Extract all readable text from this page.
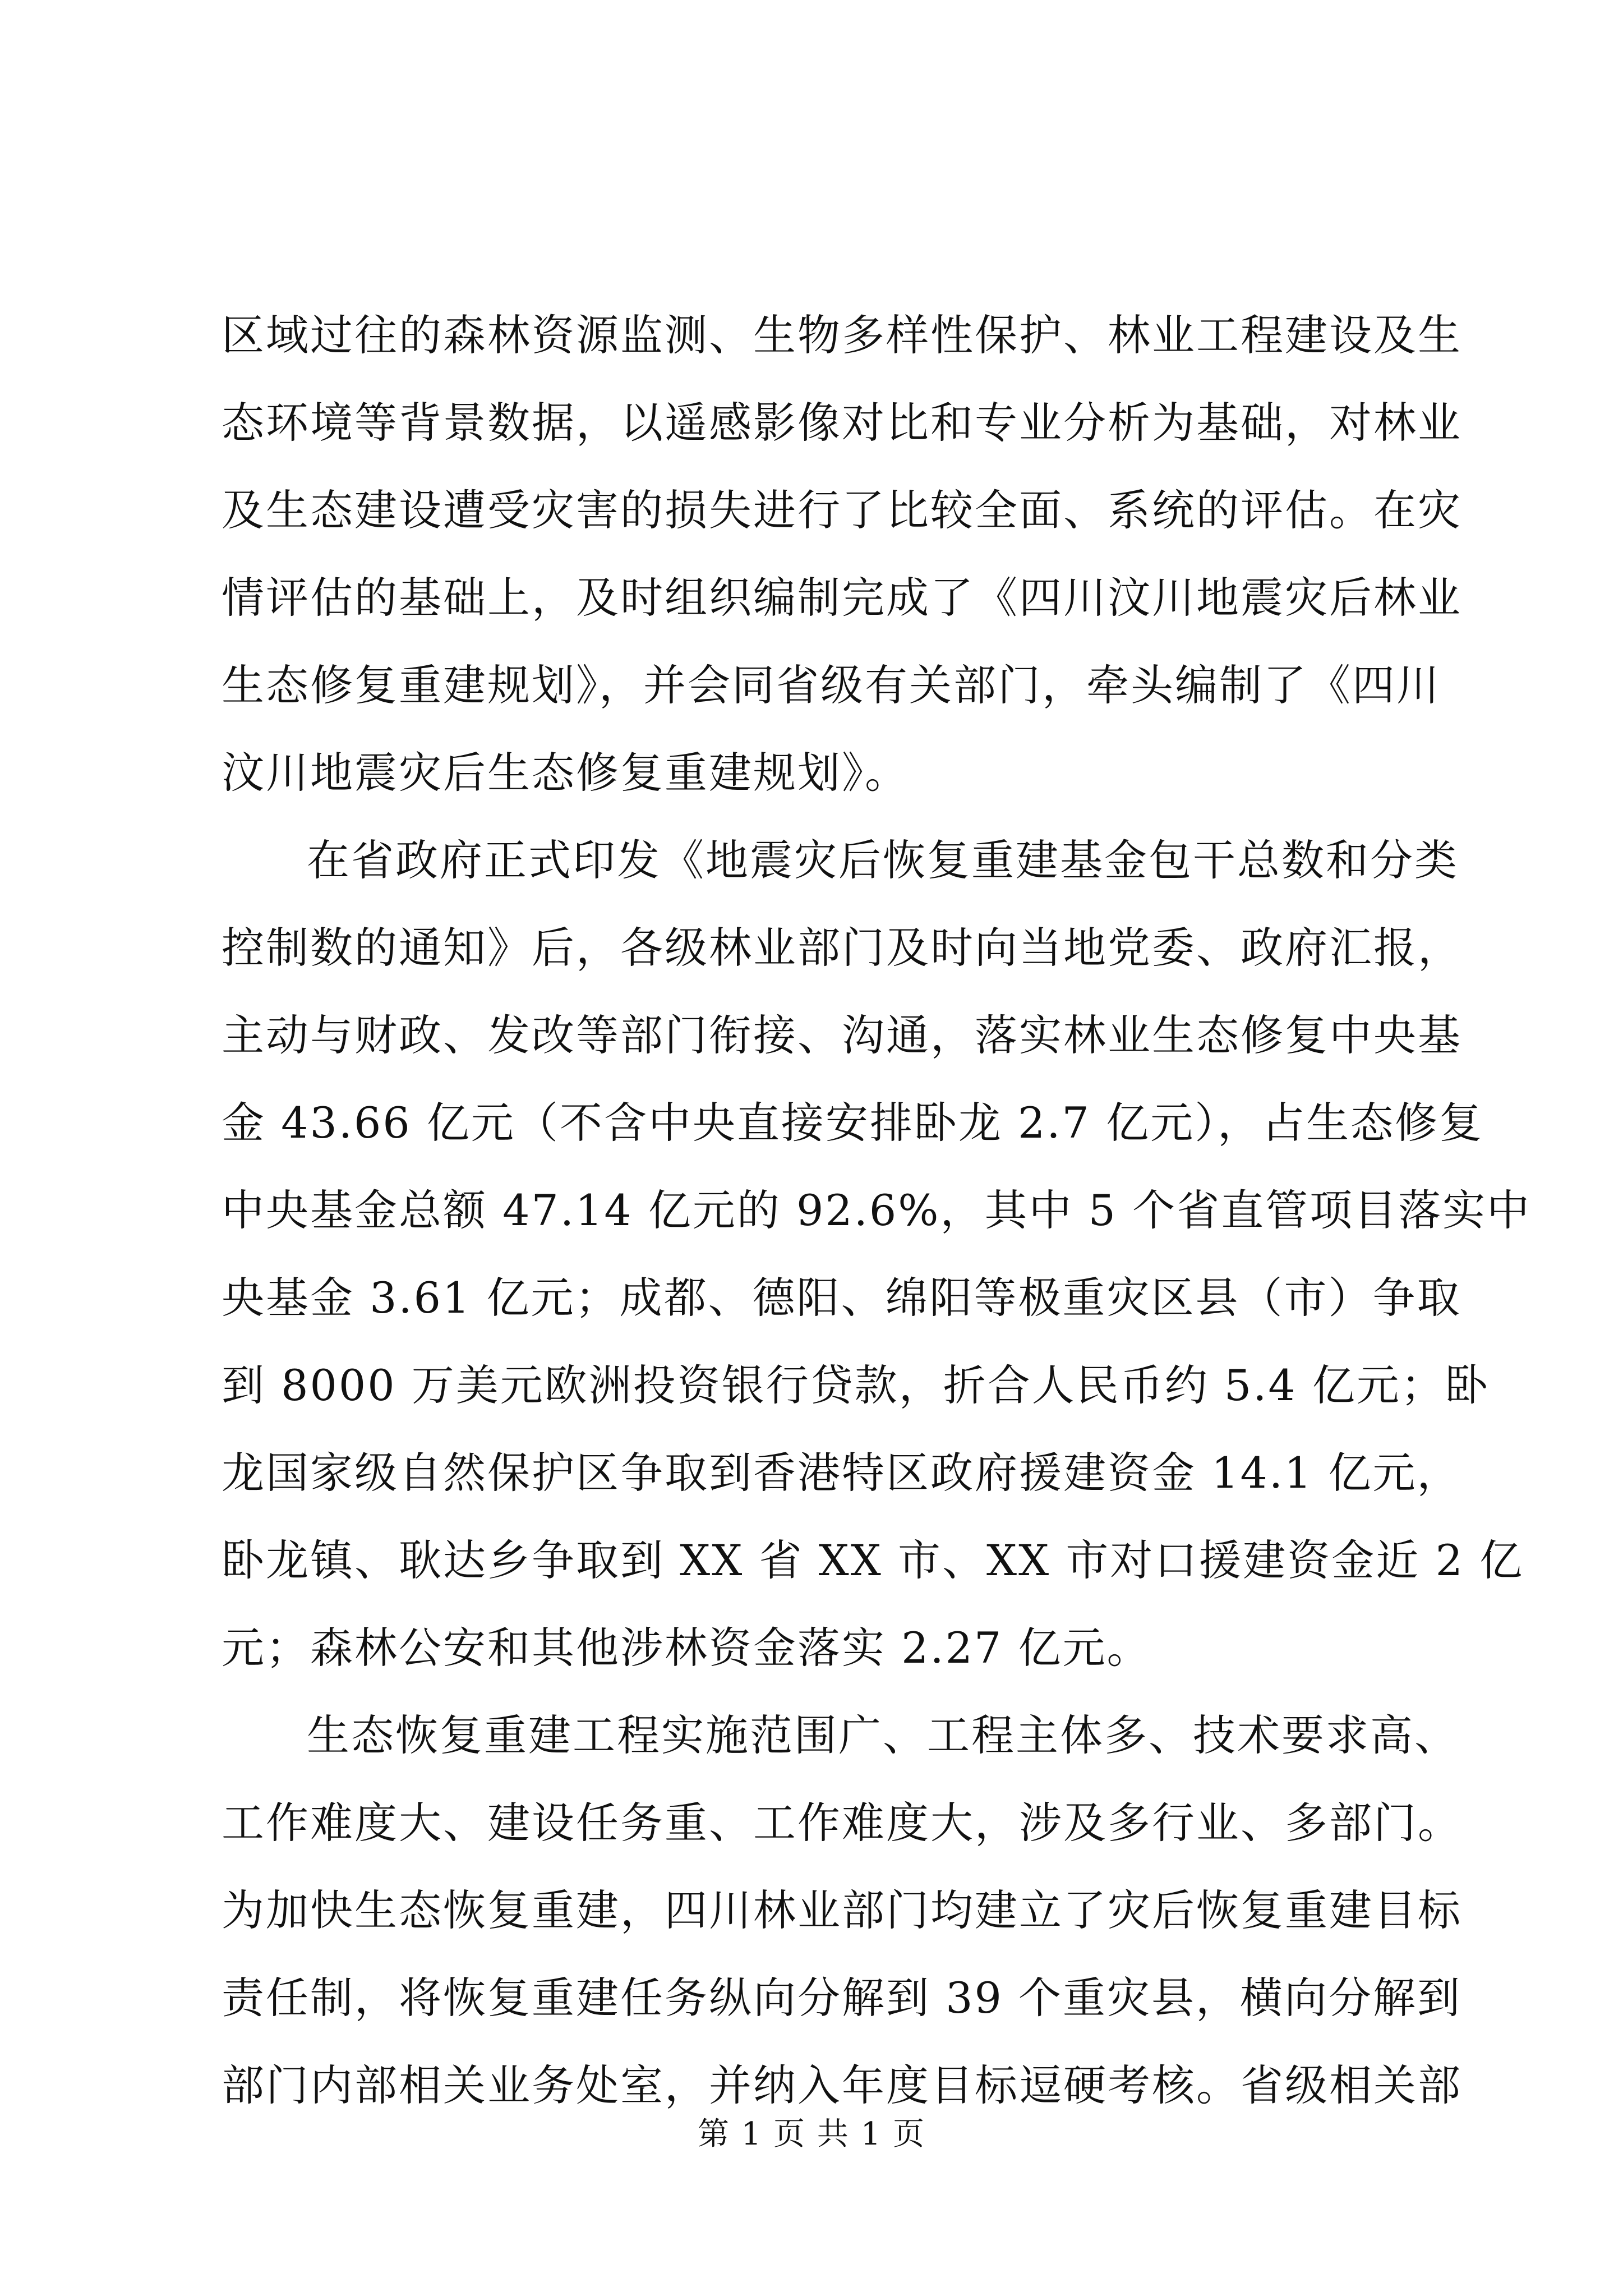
区域过往的森林资源监测、生物多样性保护、林业工程建设及生
态环境等背景数据，以遥感影像对比和专业分析为基础，对林业
及生态建设遭受灾害的损失进行了比较全面、系统的评估。在灾
情评估的基础上，及时组织编制完成了《四川汶川地震灾后林业
生态修复重建规划》，并会同省级有关部门，牵头编制了《四川
汶川地震灾后生态修复重建规划》。
在省政府正式印发《地震灾后恢复重建基金包干总数和分类
控制数的通知》后，各级林业部门及时向当地党委、政府汇报，
主动与财政、发改等部门衔接、沟通，落实林业生态修复中央基
金 43.66 亿元（不含中央直接安排卧龙 2.7 亿元），占生态修复
中央基金总额 47.14 亿元的 92.6%，其中 5 个省直管项目落实中
央基金 3.61 亿元；成都、德阳、绵阳等极重灾区县（市）争取
到 8000 万美元欧洲投资银行贷款，折合人民币约 5.4 亿元；卧
龙国家级自然保护区争取到香港特区政府援建资金 14.1 亿元，
卧龙镇、耿达乡争取到 XX 省 XX 市、XX 市对口援建资金近 2 亿
元；森林公安和其他涉林资金落实 2.27 亿元。
生态恢复重建工程实施范围广、工程主体多、技术要求高、
工作难度大、建设任务重、工作难度大，涉及多行业、多部门。
为加快生态恢复重建，四川林业部门均建立了灾后恢复重建目标
责任制，将恢复重建任务纵向分解到 39 个重灾县，横向分解到
部门内部相关业务处室，并纳入年度目标逗硬考核。省级相关部
第 1 页 共 1 页
